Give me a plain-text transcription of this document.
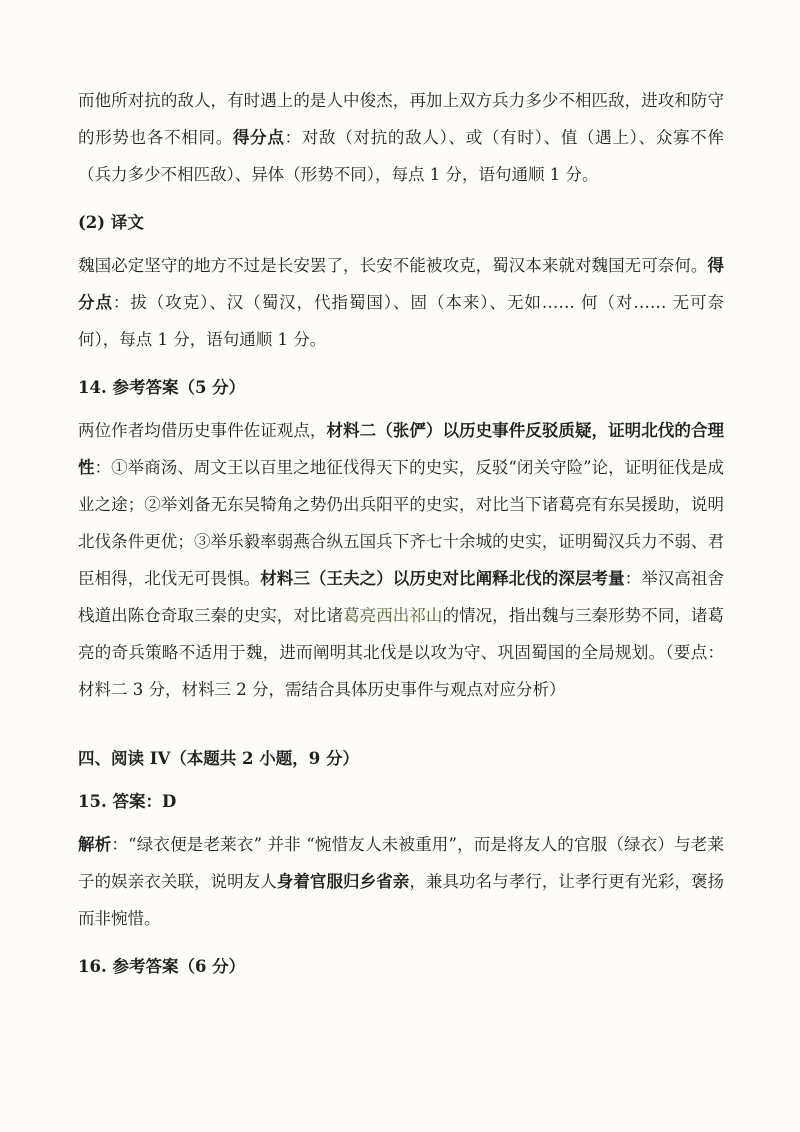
而他所对抗的敌人，有时遇上的是人中俊杰，再加上双方兵力多少不相匹敌，进攻和防守的形势也各不相同。得分点：对敌（对抗的敌人）、或（有时）、值（遇上）、众寡不侔（兵力多少不相匹敌）、异体（形势不同），每点 1 分，语句通顺 1 分。

(2) 译文

魏国必定坚守的地方不过是长安罢了，长安不能被攻克，蜀汉本来就对魏国无可奈何。得分点：拔（攻克）、汉（蜀汉，代指蜀国）、固（本来）、无如…… 何（对…… 无可奈何），每点 1 分，语句通顺 1 分。

14. 参考答案（5 分）

两位作者均借历史事件佐证观点，材料二（张俨）以历史事件反驳质疑，证明北伐的合理性：①举商汤、周文王以百里之地征伐得天下的史实，反驳“闭关守险”论，证明征伐是成业之途；②举刘备无东吴犄角之势仍出兵阳平的史实，对比当下诸葛亮有东吴援助，说明北伐条件更优；③举乐毅率弱燕合纵五国兵下齐七十余城的史实，证明蜀汉兵力不弱、君臣相得，北伐无可畏惧。材料三（王夫之）以历史对比阐释北伐的深层考量：举汉高祖舍栈道出陈仓奇取三秦的史实，对比诸葛亮西出祁山的情况，指出魏与三秦形势不同，诸葛亮的奇兵策略不适用于魏，进而阐明其北伐是以攻为守、巩固蜀国的全局规划。（要点：材料二 3 分，材料三 2 分，需结合具体历史事件与观点对应分析）

四、阅读 IV（本题共 2 小题，9 分）

15. 答案：D

解析：“绿衣便是老莱衣” 并非 “惋惜友人未被重用”，而是将友人的官服（绿衣）与老莱子的娱亲衣关联，说明友人身着官服归乡省亲，兼具功名与孝行，让孝行更有光彩，褒扬而非惋惜。

16. 参考答案（6 分）
